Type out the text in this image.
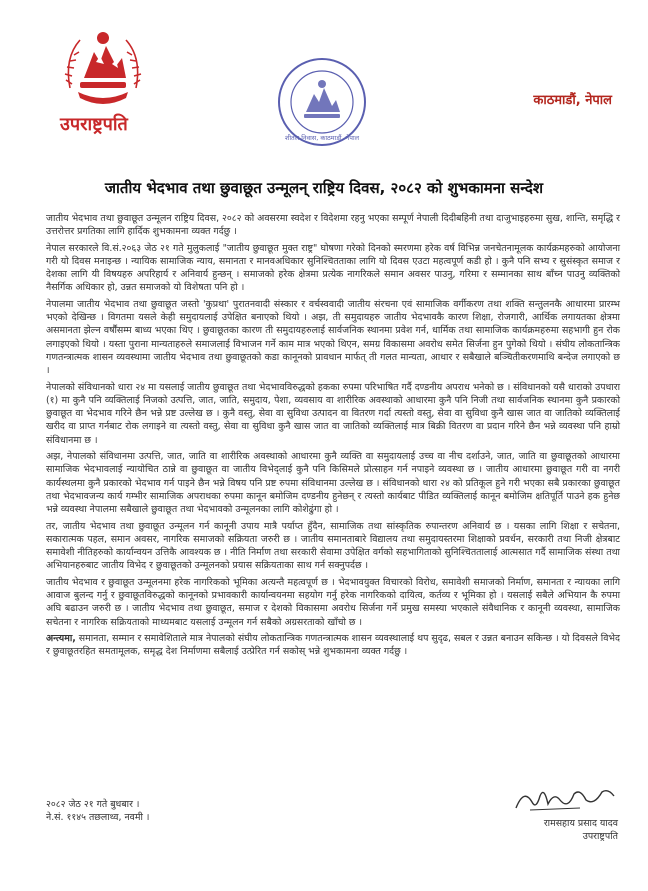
उपराष्ट्रपति
शीतल निवास, काठमाडौं, नेपाल
काठमाडौं, नेपाल
जातीय भेदभाव तथा छुवाछूत उन्मूलन् राष्ट्रिय दिवस, २०८२ को शुभकामना सन्देश

जातीय भेदभाव तथा छुवाछूत उन्मूलन राष्ट्रिय दिवस, २०८२ को अवसरमा स्वदेश र विदेशमा रहनु भएका सम्पूर्ण नेपाली दिदीबहिनी तथा दाजुभाइहरुमा सुख, शान्ति, समृद्धि र उत्तरोत्तर प्रगतिका लागि हार्दिक शुभकामना व्यक्त गर्दछु ।

नेपाल सरकारले वि.सं.२०६३ जेठ २१ गते मुलुकलाई "जातीय छुवाछूत मुक्त राष्ट्र" घोषणा गरेको दिनको स्मरणमा हरेक वर्ष विभिन्न जनचेतनामूलक कार्यक्रमहरुको आयोजना गरी यो दिवस मनाइन्छ । न्यायिक सामाजिक न्याय, समानता र मानवअधिकार सुनिश्चितताका लागि यो दिवस एउटा महत्वपूर्ण कडी हो । कुनै पनि सभ्य र सुसंस्कृत समाज र देशका लागि यी विषयहरु अपरिहार्य र अनिवार्य हुन्छन् । समाजको हरेक क्षेत्रमा प्रत्येक नागरिकले समान अवसर पाउनु, गरिमा र सम्मानका साथ बाँच्न पाउनु व्यक्तिको नैसर्गिक अधिकार हो, उन्नत समाजको यो विशेषता पनि हो ।

नेपालमा जातीय भेदभाव तथा छुवाछूत जस्तो 'कुप्रथा' पुरातनवादी संस्कार र वर्चस्ववादी जातीय संरचना एवं सामाजिक वर्गीकरण तथा शक्ति सन्तुलनकै आधारमा प्रारम्भ भएको देखिन्छ । विगतमा यसले केही समुदायलाई उपेक्षित बनाएको थियो । अझ, ती समुदायहरु जातीय भेदभावकै कारण शिक्षा, रोजगारी, आर्थिक लगायतका क्षेत्रमा असमानता झेल्न वर्षौंसम्म बाध्य भएका थिए । छुवाछूतका कारण ती समुदायहरुलाई सार्वजनिक स्थानमा प्रवेश गर्न, धार्मिक तथा सामाजिक कार्यक्रमहरुमा सहभागी हुन रोक लगाइएको थियो । यस्ता पुराना मान्यताहरुले समाजलाई विभाजन गर्ने काम मात्र भएको थिएन, समग्र विकासमा अवरोध समेत सिर्जना हुन पुगेको थियो । संघीय लोकतान्त्रिक गणतन्त्रात्मक शासन व्यवस्थामा जातीय भेदभाव तथा छुवाछूतको कडा कानूनको प्रावधान मार्फत् ती गलत मान्यता, आधार र सबैखाले बञ्चितीकरणमाथि बन्देज लगाएको छ ।

नेपालको संविधानको धारा २४ मा यसलाई जातीय छुवाछूत तथा भेदभावविरुद्धको हकका रुपमा परिभाषित गर्दै दण्डनीय अपराध भनेको छ । संविधानको यसै धाराको उपधारा (१) मा कुनै पनि व्यक्तिलाई निजको उत्पत्ति, जात, जाति, समुदाय, पेशा, व्यवसाय वा शारीरिक अवस्थाको आधारमा कुनै पनि निजी तथा सार्वजनिक स्थानमा कुनै प्रकारको छुवाछूत वा भेदभाव गरिने छैन भन्ने प्रष्ट उल्लेख छ । कुनै वस्तु, सेवा वा सुविधा उत्पादन वा वितरण गर्दा त्यस्तो वस्तु, सेवा वा सुविधा कुनै खास जात वा जातिको व्यक्तिलाई खरीद वा प्राप्त गर्नबाट रोक लगाइने वा त्यस्तो वस्तु, सेवा वा सुविधा कुनै खास जात वा जातिको व्यक्तिलाई मात्र बिक्री वितरण वा प्रदान गरिने छैन भन्ने व्यवस्था पनि हाम्रो संविधानमा छ ।

अझ, नेपालको संविधानमा उत्पत्ति, जात, जाति वा शारीरिक अवस्थाको आधारमा कुनै व्यक्ति वा समुदायलाई उच्च वा नीच दर्शाउने, जात, जाति वा छुवाछूतको आधारमा सामाजिक भेदभावलाई न्यायोचित ठान्ने वा छुवाछूत वा जातीय विभेद्लाई कुनै पनि किसिमले प्रोत्साहन गर्न नपाइने व्यवस्था छ । जातीय आधारमा छुवाछूत गरी वा नगरी कार्यस्थलमा कुनै प्रकारको भेदभाव गर्न पाइने छैन भन्ने विषय पनि प्रष्ट रुपमा संविधानमा उल्लेख छ । संविधानको धारा २४ को प्रतिकूल हुने गरी भएका सबै प्रकारका छुवाछूत तथा भेदभावजन्य कार्य गम्भीर सामाजिक अपराधका रुपमा कानून बमोजिम दण्डनीय हुनेछन् र त्यस्तो कार्यबाट पीडित व्यक्तिलाई कानून बमोजिम क्षतिपूर्ति पाउने हक हुनेछ भन्ने व्यवस्था नेपालमा सबैखाले छुवाछूत तथा भेदभावको उन्मूलनका लागि कोशेढुंगा हो ।

तर, जातीय भेदभाव तथा छुवाछूत उन्मूलन गर्न कानूनी उपाय मात्रै पर्याप्त हुँदैन, सामाजिक तथा सांस्कृतिक रुपान्तरण अनिवार्य छ । यसका लागि शिक्षा र सचेतना, सकारात्मक पहल, समान अवसर, नागरिक समाजको सक्रियता जरुरी छ । जातीय समानताबारे विद्यालय तथा समुदायस्तरमा शिक्षाको प्रवर्धन, सरकारी तथा निजी क्षेत्रबाट समावेशी नीतिहरुको कार्यान्वयन उत्तिकै आवश्यक छ । नीति निर्माण तथा सरकारी सेवामा उपेक्षित वर्गको सहभागिताको सुनिश्चिततालाई आत्मसात गर्दै सामाजिक संस्था तथा अभियानहरुबाट जातीय विभेद र छुवाछूतको उन्मूलनको प्रयास सक्रियताका साथ गर्न सक्नुपर्दछ ।

जातीय भेदभाव र छुवाछूत उन्मूलनमा हरेक नागरिकको भूमिका अत्यन्तै महत्वपूर्ण छ । भेदभावयुक्त विचारको विरोध, समावेशी समाजको निर्माण, समानता र न्यायका लागि आवाज बुलन्द गर्नु र छुवाछूतविरुद्धको कानूनको प्रभावकारी कार्यान्वयनमा सहयोग गर्नु हरेक नागरिकको दायित्व, कर्तव्य र भूमिका हो । यसलाई सबैले अभियान कै रुपमा अघि बढाउन जरुरी छ । जातीय भेदभाव तथा छुवाछूत, समाज र देशको विकासमा अवरोध सिर्जना गर्ने प्रमुख समस्या भएकाले संवैधानिक र कानूनी व्यवस्था, सामाजिक सचेतना र नागरिक सक्रियताको माध्यमबाट यसलाई उन्मूलन गर्न सबैको अग्रसरताको खाँचो छ ।

अन्त्यमा, समानता, सम्मान र समावेशिताले मात्र नेपालको संघीय लोकतान्त्रिक गणतन्त्रात्मक शासन व्यवस्थालाई थप सुदृढ, सबल र उन्नत बनाउन सकिन्छ । यो दिवसले विभेद र छुवाछूतरहित समतामूलक, समृद्ध देश निर्माणमा सबैलाई उत्प्रेरित गर्न सकोस् भन्ने शुभकामना व्यक्त गर्दछु ।

२०८२ जेठ २१ गते बुधबार ।
ने.सं. ११४५ तछलाथ्व, नवमी ।
रामसहाय प्रसाद यादव
उपराष्ट्रपति
